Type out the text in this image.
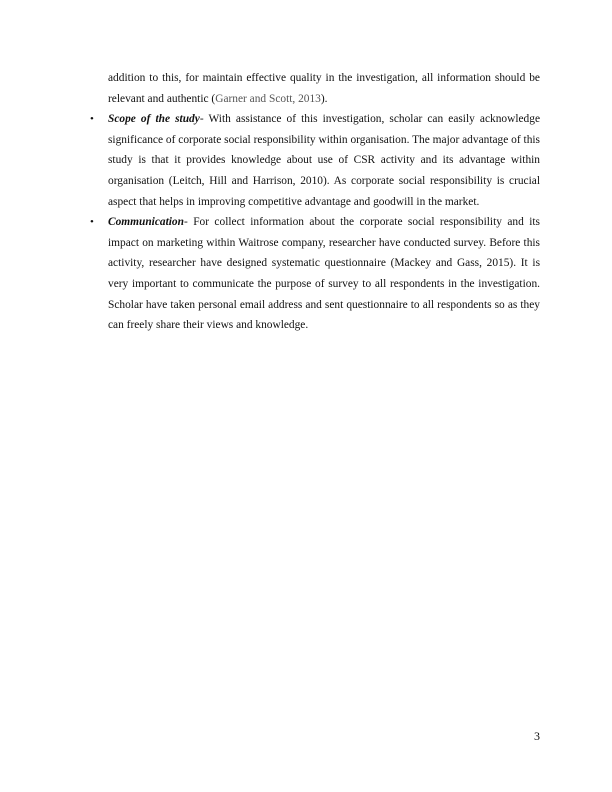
addition to this, for maintain effective quality in the investigation, all information should be relevant and authentic (Garner and Scott, 2013).

• Scope of the study- With assistance of this investigation, scholar can easily acknowledge significance of corporate social responsibility within organisation. The major advantage of this study is that it provides knowledge about use of CSR activity and its advantage within organisation (Leitch, Hill and Harrison, 2010). As corporate social responsibility is crucial aspect that helps in improving competitive advantage and goodwill in the market.

• Communication- For collect information about the corporate social responsibility and its impact on marketing within Waitrose company, researcher have conducted survey. Before this activity, researcher have designed systematic questionnaire (Mackey and Gass, 2015). It is very important to communicate the purpose of survey to all respondents in the investigation. Scholar have taken personal email address and sent questionnaire to all respondents so as they can freely share their views and knowledge.

3
